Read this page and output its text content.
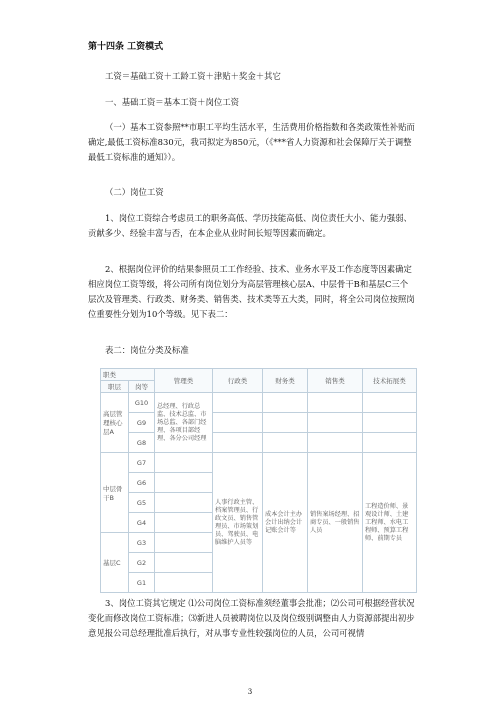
第十四条 工资模式
工资＝基础工资＋工龄工资＋津贴＋奖金＋其它
一、基础工资＝基本工资＋岗位工资
（一）基本工资参照**市职工平均生活水平，生活费用价格指数和各类政策性补贴而确定,最低工资标准830元，我司拟定为850元，（《***省人力资源和社会保障厅关于调整最低工资标准的通知》）。
（二）岗位工资
1、岗位工资综合考虑员工的职务高低、学历技能高低、岗位责任大小、能力强弱、贡献多少、经验丰富与否，在本企业从业时间长短等因素而确定。
2、根据岗位评价的结果参照员工工作经验、技术、业务水平及工作态度等因素确定相应岗位工资等级，将公司所有岗位划分为高层管理核心层A、中层骨干B和基层C三个层次及管理类、行政类、财务类、销售类、技术类等五大类，同时，将全公司岗位按照岗位重要性分划为10个等级。见下表二：
表二：岗位分类及标准
职类		管理类	行政类	财务类	销售类	技术拓展类
职层	岗等					
高层管理核心层A	G10	总经理、行政总监、技术总监、市场总监、各部门经理、各项目部经理、各分公司经理				
	G9					
	G8					
中层骨干B	G7		人事行政主管、档案管理员、行政文员、销售管理员、市场策划员、驾驶员、电脑维护人员等	成本会计主办会计出纳会计记账会计等	销售案场经理、招商专员、一般销售人员	工程造价师、景观设计师、土建工程师、水电工程师、预算工程师、前期专员
	G6					
	G5					
	G4					
基层C	G3					
	G2					
	G1					
3、岗位工资其它规定 ⑴公司岗位工资标准须经董事会批准；⑵公司可根据经营状况变化而修改岗位工资标准；⑶新进人员被聘岗位以及岗位级别调整由人力资源部提出初步意见报公司总经理批准后执行，对从事专业性较强岗位的人员，公司可视情
3
